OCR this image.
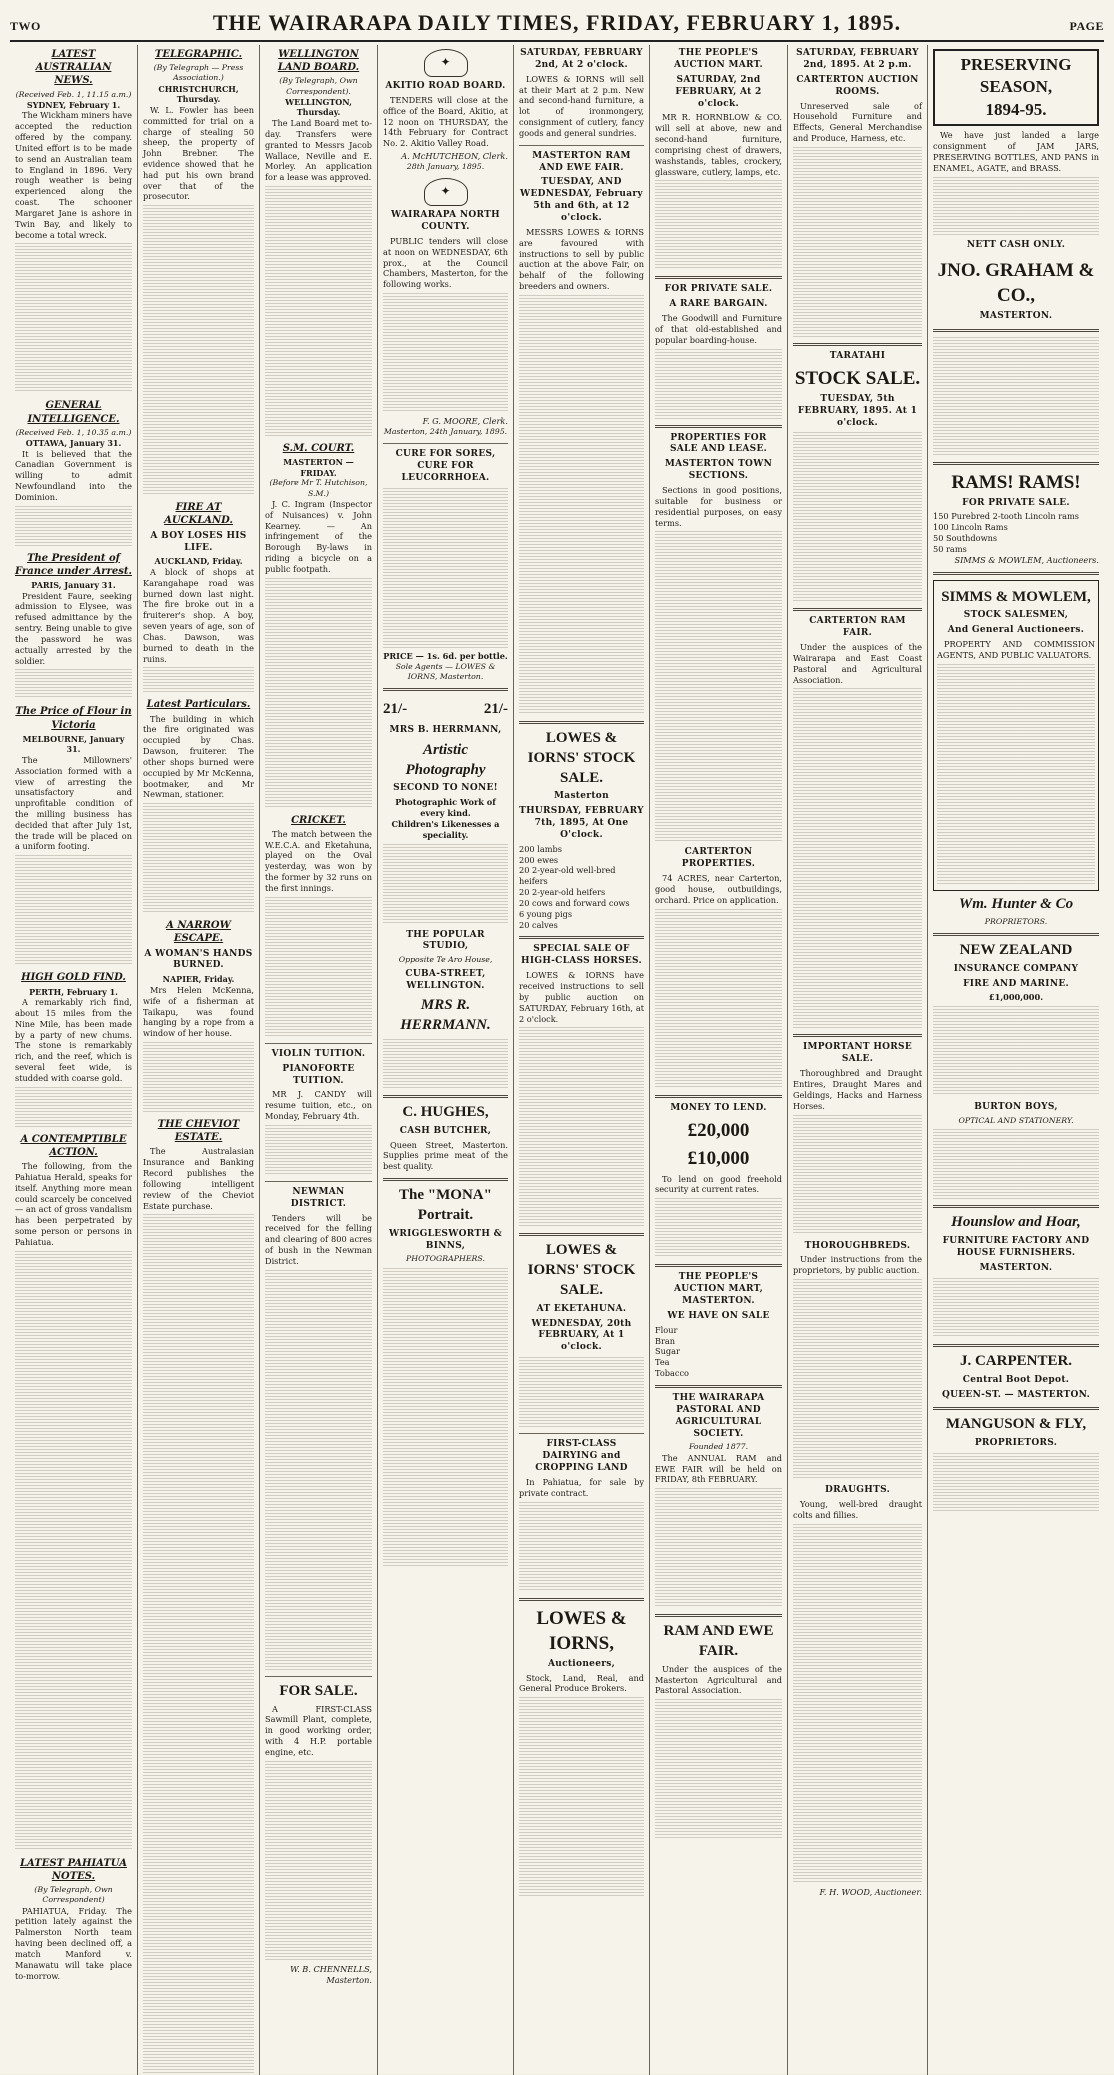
TWO	THE WAIRARAPA DAILY TIMES, FRIDAY, FEBRUARY 1, 1895.	PAGE
LATEST AUSTRALIAN NEWS.
(Received Feb. 1, 11.15 a.m.)
SYDNEY, February 1.

The Wickham miners have accepted the reduction offered by the company. United effort is to be made to send an Australian team to England in 1896. Very rough weather is being experienced along the coast. The schooner Margaret Jane is ashore in Twin Bay, and likely to become a total wreck.

GENERAL INTELLIGENCE.
(Received Feb. 1, 10.35 a.m.)
OTTAWA, January 31.

It is believed that the Canadian Government is willing to admit Newfoundland into the Dominion.

The President of France under Arrest.
PARIS, January 31.

President Faure, seeking admission to Elysee, was refused admittance by the sentry. Being unable to give the password he was actually arrested by the soldier.

The Price of Flour in Victoria
MELBOURNE, January 31.

The Millowners' Association formed with a view of arresting the unsatisfactory and unprofitable condition of the milling business has decided that after July 1st, the trade will be placed on a uniform footing.

HIGH GOLD FIND.
PERTH, February 1.

A remarkably rich find, about 15 miles from the Nine Mile, has been made by a party of new chums. The stone is remarkably rich, and the reef, which is several feet wide, is studded with coarse gold.

A CONTEMPTIBLE ACTION.

The following, from the Pahiatua Herald, speaks for itself. Anything more mean could scarcely be conceived — an act of gross vandalism has been perpetrated by some person or persons in Pahiatua.

LATEST PAHIATUA NOTES.
(By Telegraph, Own Correspondent)

PAHIATUA, Friday. The petition lately against the Palmerston North team having been declined off, a match Manford v. Manawatu will take place to-morrow.

TELEGRAPHIC.
(By Telegraph — Press Association.)
CHRISTCHURCH, Thursday.

W. L. Fowler has been committed for trial on a charge of stealing 50 sheep, the property of John Brebner. The evidence showed that he had put his own brand over that of the prosecutor.

FIRE AT AUCKLAND.
A BOY LOSES HIS LIFE.
AUCKLAND, Friday.

A block of shops at Karangahape road was burned down last night. The fire broke out in a fruiterer's shop. A boy, seven years of age, son of Chas. Dawson, was burned to death in the ruins.

Latest Particulars.

The building in which the fire originated was occupied by Chas. Dawson, fruiterer. The other shops burned were occupied by Mr McKenna, bootmaker, and Mr Newman, stationer.

A NARROW ESCAPE.
A WOMAN'S HANDS BURNED.
NAPIER, Friday.

Mrs Helen McKenna, wife of a fisherman at Taikapu, was found hanging by a rope from a window of her house.

THE CHEVIOT ESTATE.

The Australasian Insurance and Banking Record publishes the following intelligent review of the Cheviot Estate purchase.

WELLINGTON LAND BOARD.
(By Telegraph, Own Correspondent).
WELLINGTON, Thursday.

The Land Board met to-day. Transfers were granted to Messrs Jacob Wallace, Neville and E. Morley. An application for a lease was approved.

S.M. COURT.
MASTERTON — FRIDAY.
(Before Mr T. Hutchison, S.M.)

J. C. Ingram (Inspector of Nuisances) v. John Kearney. — An infringement of the Borough By-laws in riding a bicycle on a public footpath.

CRICKET.

The match between the W.E.C.A. and Eketahuna, played on the Oval yesterday, was won by the former by 32 runs on the first innings.

VIOLIN TUITION.
PIANOFORTE TUITION.

MR J. CANDY will resume tuition, etc., on Monday, February 4th.

NEWMAN DISTRICT.

Tenders will be received for the felling and clearing of 800 acres of bush in the Newman District.

FOR SALE.

A FIRST-CLASS Sawmill Plant, complete, in good working order, with 4 H.P. portable engine, etc.

W. B. CHENNELLS, Masterton.
✦
AKITIO ROAD BOARD.

TENDERS will close at the office of the Board, Akitio, at 12 noon on THURSDAY, the 14th February for Contract No. 2. Akitio Valley Road.

A. McHUTCHEON, Clerk.
28th January, 1895.
✦
WAIRARAPA NORTH COUNTY.

PUBLIC tenders will close at noon on WEDNESDAY, 6th prox., at the Council Chambers, Masterton, for the following works.

F. G. MOORE, Clerk.
Masterton, 24th January, 1895.
CURE FOR SORES, CURE FOR LEUCORRHOEA.
PRICE — 1s. 6d. per bottle.
Sole Agents — LOWES & IORNS, Masterton.
21/-	21/-
MRS B. HERRMANN,
Artistic Photography
SECOND TO NONE!
Photographic Work of every kind.
Children's Likenesses a speciality.
THE POPULAR STUDIO,
Opposite Te Aro House,
CUBA-STREET, WELLINGTON.
MRS R. HERRMANN.
C. HUGHES,
CASH BUTCHER,

Queen Street, Masterton. Supplies prime meat of the best quality.

The "MONA" Portrait.
WRIGGLESWORTH & BINNS,
PHOTOGRAPHERS.
SATURDAY, FEBRUARY 2nd, At 2 o'clock.

LOWES & IORNS will sell at their Mart at 2 p.m. New and second-hand furniture, a lot of ironmongery, consignment of cutlery, fancy goods and general sundries.

MASTERTON RAM AND EWE FAIR.
TUESDAY, AND WEDNESDAY, February 5th and 6th, at 12 o'clock.

MESSRS LOWES & IORNS are favoured with instructions to sell by public auction at the above Fair, on behalf of the following breeders and owners.

LOWES & IORNS' STOCK SALE.
Masterton
THURSDAY, FEBRUARY 7th, 1895, At One O'clock.
200 lambs
200 ewes
20 2-year-old well-bred heifers
20 2-year-old heifers
20 cows and forward cows
6 young pigs
20 calves
SPECIAL SALE OF HIGH-CLASS HORSES.

LOWES & IORNS have received instructions to sell by public auction on SATURDAY, February 16th, at 2 o'clock.

LOWES & IORNS' STOCK SALE.
AT EKETAHUNA.
WEDNESDAY, 20th FEBRUARY, At 1 o'clock.
FIRST-CLASS DAIRYING and CROPPING LAND

In Pahiatua, for sale by private contract.

LOWES & IORNS,
Auctioneers,

Stock, Land, Real, and General Produce Brokers.

THE PEOPLE'S AUCTION MART.
SATURDAY, 2nd FEBRUARY, At 2 o'clock.

MR R. HORNBLOW & CO. will sell at above, new and second-hand furniture, comprising chest of drawers, washstands, tables, crockery, glassware, cutlery, lamps, etc.

FOR PRIVATE SALE.
A RARE BARGAIN.

The Goodwill and Furniture of that old-established and popular boarding-house.

PROPERTIES FOR SALE AND LEASE.
MASTERTON TOWN SECTIONS.

Sections in good positions, suitable for business or residential purposes, on easy terms.

CARTERTON PROPERTIES.

74 ACRES, near Carterton, good house, outbuildings, orchard. Price on application.

MONEY TO LEND.
£20,000
£10,000

To lend on good freehold security at current rates.

THE PEOPLE'S AUCTION MART, MASTERTON.
WE HAVE ON SALE
Flour
Bran
Sugar
Tea
Tobacco
THE WAIRARAPA PASTORAL AND AGRICULTURAL SOCIETY.
Founded 1877.

The ANNUAL RAM and EWE FAIR will be held on FRIDAY, 8th FEBRUARY.

RAM AND EWE FAIR.

Under the auspices of the Masterton Agricultural and Pastoral Association.

SATURDAY, FEBRUARY 2nd, 1895. At 2 p.m.
CARTERTON AUCTION ROOMS.

Unreserved sale of Household Furniture and Effects, General Merchandise and Produce, Harness, etc.

TARATAHI
STOCK SALE.
TUESDAY, 5th FEBRUARY, 1895. At 1 o'clock.
CARTERTON RAM FAIR.

Under the auspices of the Wairarapa and East Coast Pastoral and Agricultural Association.

IMPORTANT HORSE SALE.

Thoroughbred and Draught Entires, Draught Mares and Geldings, Hacks and Harness Horses.

THOROUGHBREDS.

Under instructions from the proprietors, by public auction.

DRAUGHTS.

Young, well-bred draught colts and fillies.

F. H. WOOD, Auctioneer.
PRESERVING SEASON,
1894-95.

We have just landed a large consignment of JAM JARS, PRESERVING BOTTLES, AND PANS in ENAMEL, AGATE, and BRASS.

NETT CASH ONLY.
JNO. GRAHAM & CO.,
MASTERTON.
RAMS! RAMS!
FOR PRIVATE SALE.
150 Purebred 2-tooth Lincoln rams
100 Lincoln Rams
50 Southdowns
50 rams
SIMMS & MOWLEM, Auctioneers.
SIMMS & MOWLEM,
STOCK SALESMEN,
And General Auctioneers.

PROPERTY AND COMMISSION AGENTS, AND PUBLIC VALUATORS.

Wm. Hunter & Co
PROPRIETORS.
NEW ZEALAND
INSURANCE COMPANY
FIRE AND MARINE.
£1,000,000.
BURTON BOYS,
OPTICAL AND STATIONERY.
Hounslow and Hoar,
FURNITURE FACTORY AND HOUSE FURNISHERS.
MASTERTON.
J. CARPENTER.
Central Boot Depot.
QUEEN-ST. — MASTERTON.
MANGUSON & FLY,
PROPRIETORS.
